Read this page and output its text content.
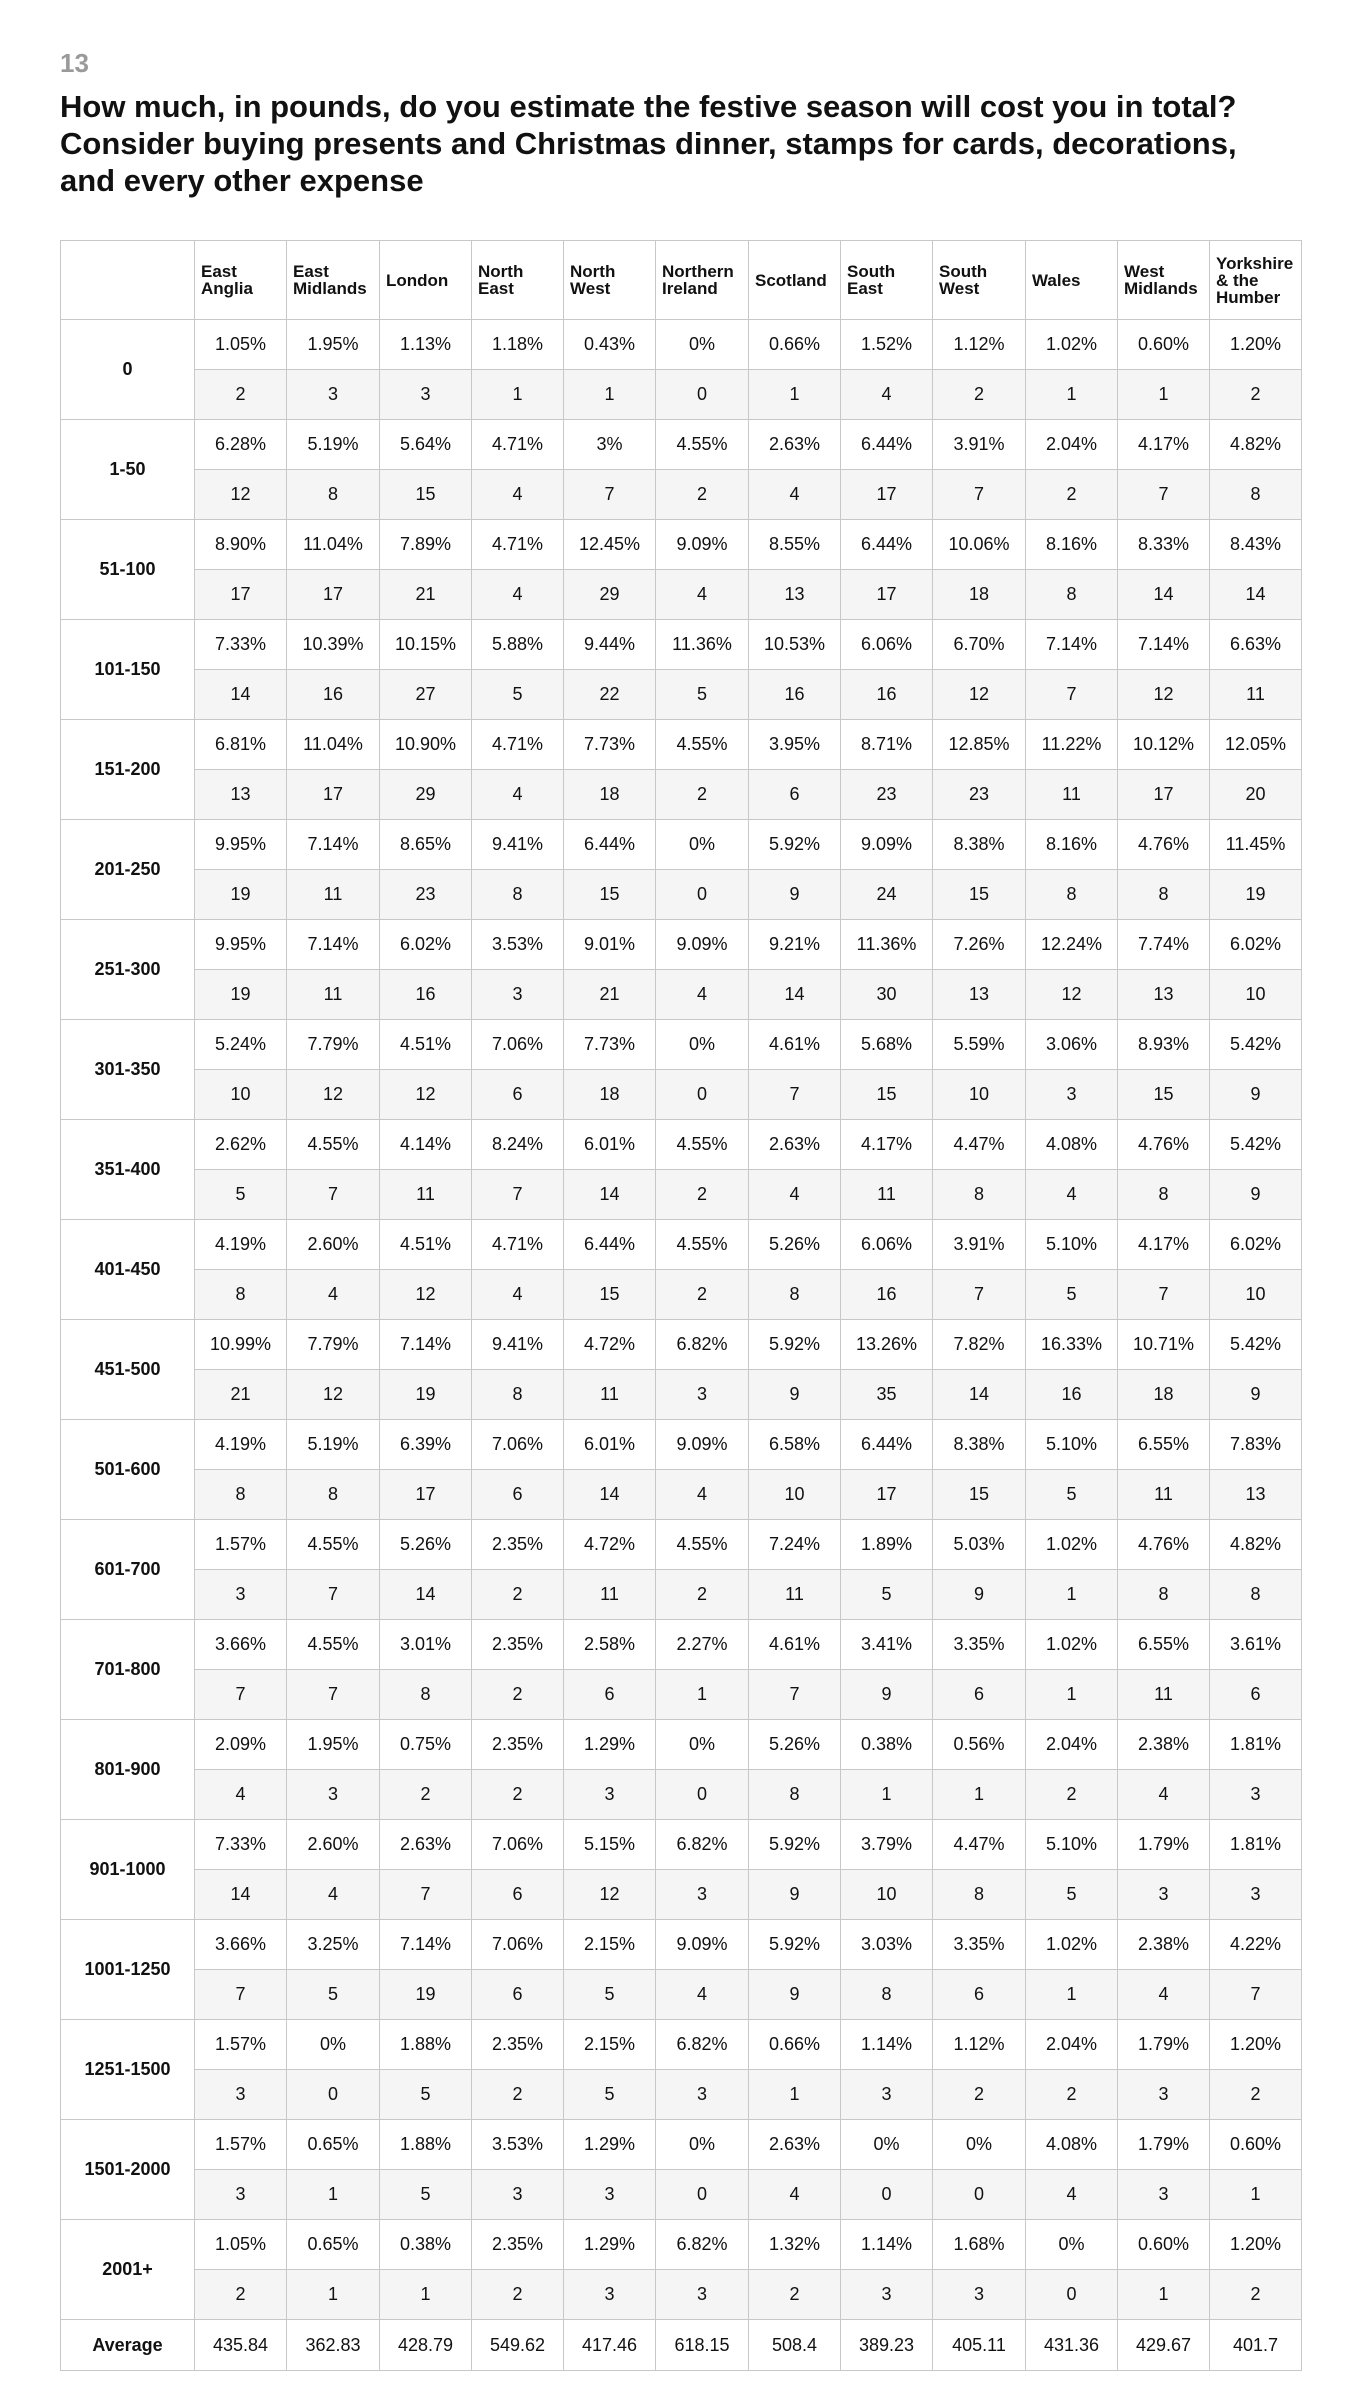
13
How much, in pounds, do you estimate the festive season will cost you in total? Consider buying presents and Christmas dinner, stamps for cards, decorations, and every other expense
	East Anglia	East Midlands	London	North East	North West	Northern Ireland	Scotland	South East	South West	Wales	West Midlands	Yorkshire & the Humber
0	1.05%	1.95%	1.13%	1.18%	0.43%	0%	0.66%	1.52%	1.12%	1.02%	0.60%	1.20%
	2	3	3	1	1	0	1	4	2	1	1	2
1-50	6.28%	5.19%	5.64%	4.71%	3%	4.55%	2.63%	6.44%	3.91%	2.04%	4.17%	4.82%
	12	8	15	4	7	2	4	17	7	2	7	8
51-100	8.90%	11.04%	7.89%	4.71%	12.45%	9.09%	8.55%	6.44%	10.06%	8.16%	8.33%	8.43%
	17	17	21	4	29	4	13	17	18	8	14	14
101-150	7.33%	10.39%	10.15%	5.88%	9.44%	11.36%	10.53%	6.06%	6.70%	7.14%	7.14%	6.63%
	14	16	27	5	22	5	16	16	12	7	12	11
151-200	6.81%	11.04%	10.90%	4.71%	7.73%	4.55%	3.95%	8.71%	12.85%	11.22%	10.12%	12.05%
	13	17	29	4	18	2	6	23	23	11	17	20
201-250	9.95%	7.14%	8.65%	9.41%	6.44%	0%	5.92%	9.09%	8.38%	8.16%	4.76%	11.45%
	19	11	23	8	15	0	9	24	15	8	8	19
251-300	9.95%	7.14%	6.02%	3.53%	9.01%	9.09%	9.21%	11.36%	7.26%	12.24%	7.74%	6.02%
	19	11	16	3	21	4	14	30	13	12	13	10
301-350	5.24%	7.79%	4.51%	7.06%	7.73%	0%	4.61%	5.68%	5.59%	3.06%	8.93%	5.42%
	10	12	12	6	18	0	7	15	10	3	15	9
351-400	2.62%	4.55%	4.14%	8.24%	6.01%	4.55%	2.63%	4.17%	4.47%	4.08%	4.76%	5.42%
	5	7	11	7	14	2	4	11	8	4	8	9
401-450	4.19%	2.60%	4.51%	4.71%	6.44%	4.55%	5.26%	6.06%	3.91%	5.10%	4.17%	6.02%
	8	4	12	4	15	2	8	16	7	5	7	10
451-500	10.99%	7.79%	7.14%	9.41%	4.72%	6.82%	5.92%	13.26%	7.82%	16.33%	10.71%	5.42%
	21	12	19	8	11	3	9	35	14	16	18	9
501-600	4.19%	5.19%	6.39%	7.06%	6.01%	9.09%	6.58%	6.44%	8.38%	5.10%	6.55%	7.83%
	8	8	17	6	14	4	10	17	15	5	11	13
601-700	1.57%	4.55%	5.26%	2.35%	4.72%	4.55%	7.24%	1.89%	5.03%	1.02%	4.76%	4.82%
	3	7	14	2	11	2	11	5	9	1	8	8
701-800	3.66%	4.55%	3.01%	2.35%	2.58%	2.27%	4.61%	3.41%	3.35%	1.02%	6.55%	3.61%
	7	7	8	2	6	1	7	9	6	1	11	6
801-900	2.09%	1.95%	0.75%	2.35%	1.29%	0%	5.26%	0.38%	0.56%	2.04%	2.38%	1.81%
	4	3	2	2	3	0	8	1	1	2	4	3
901-1000	7.33%	2.60%	2.63%	7.06%	5.15%	6.82%	5.92%	3.79%	4.47%	5.10%	1.79%	1.81%
	14	4	7	6	12	3	9	10	8	5	3	3
1001-1250	3.66%	3.25%	7.14%	7.06%	2.15%	9.09%	5.92%	3.03%	3.35%	1.02%	2.38%	4.22%
	7	5	19	6	5	4	9	8	6	1	4	7
1251-1500	1.57%	0%	1.88%	2.35%	2.15%	6.82%	0.66%	1.14%	1.12%	2.04%	1.79%	1.20%
	3	0	5	2	5	3	1	3	2	2	3	2
1501-2000	1.57%	0.65%	1.88%	3.53%	1.29%	0%	2.63%	0%	0%	4.08%	1.79%	0.60%
	3	1	5	3	3	0	4	0	0	4	3	1
2001+	1.05%	0.65%	0.38%	2.35%	1.29%	6.82%	1.32%	1.14%	1.68%	0%	0.60%	1.20%
	2	1	1	2	3	3	2	3	3	0	1	2
Average	435.84	362.83	428.79	549.62	417.46	618.15	508.4	389.23	405.11	431.36	429.67	401.7
